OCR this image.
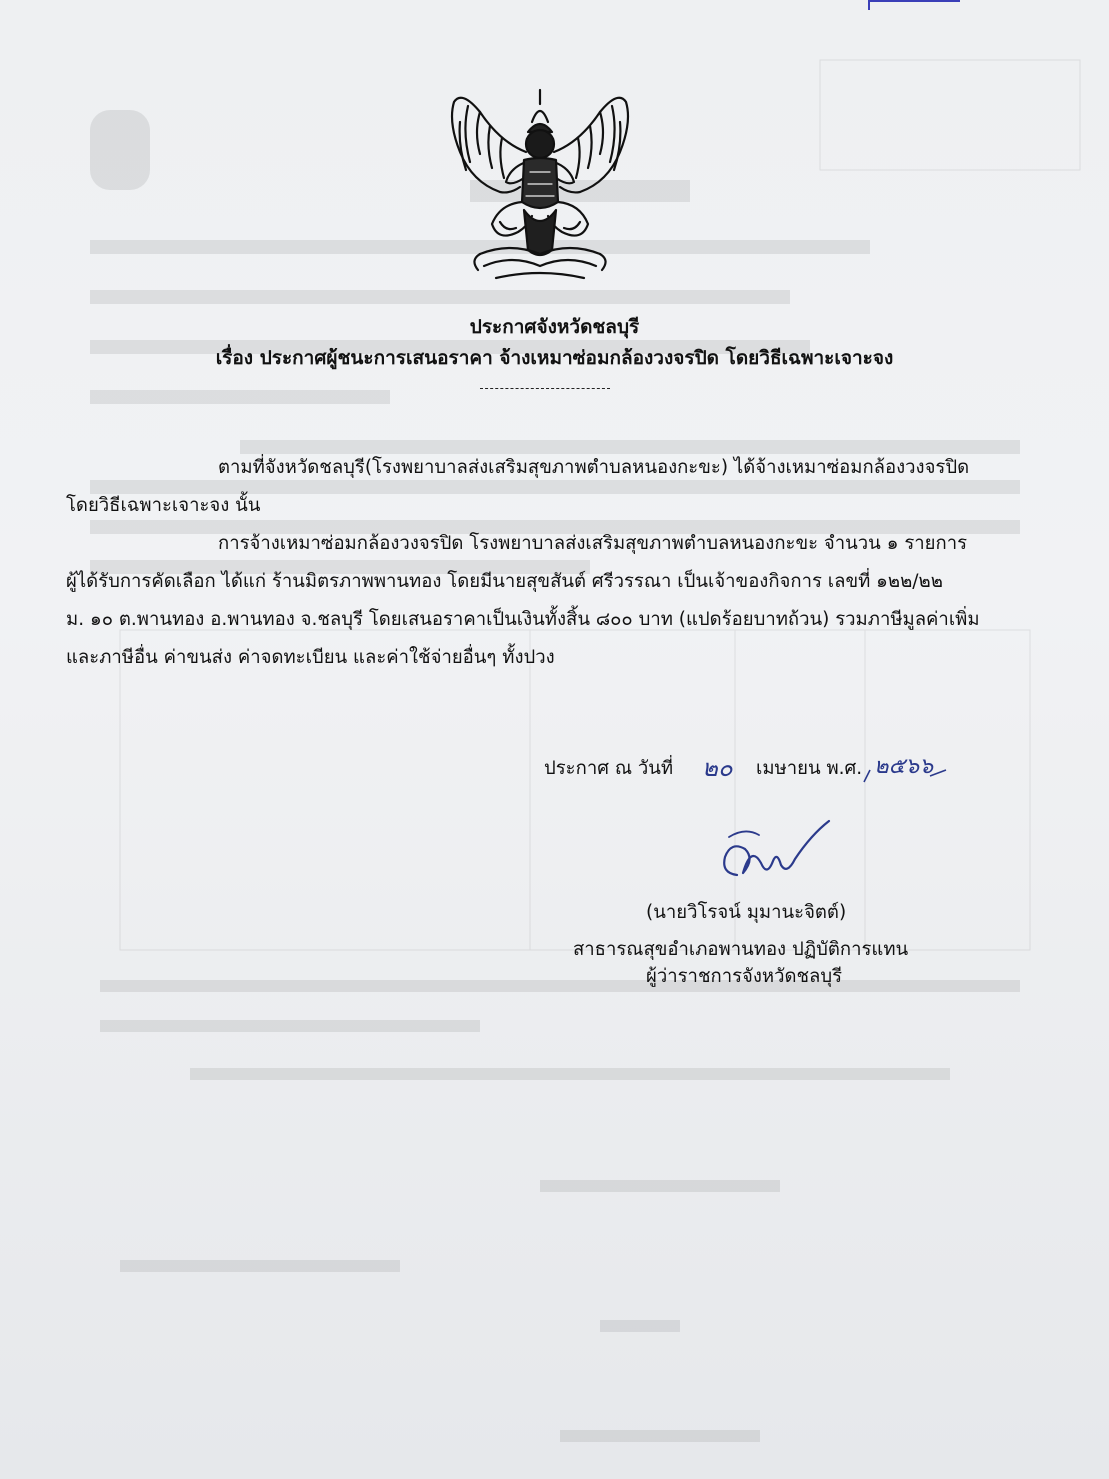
ประกาศจังหวัดชลบุรี
เรื่อง ประกาศผู้ชนะการเสนอราคา จ้างเหมาซ่อมกล้องวงจรปิด โดยวิธีเฉพาะเจาะจง
ตามที่จังหวัดชลบุรี(โรงพยาบาลส่งเสริมสุขภาพตำบลหนองกะขะ) ได้จ้างเหมาซ่อมกล้องวงจรปิด
โดยวิธีเฉพาะเจาะจง นั้น
การจ้างเหมาซ่อมกล้องวงจรปิด โรงพยาบาลส่งเสริมสุขภาพตำบลหนองกะขะ จำนวน ๑ รายการ
ผู้ได้รับการคัดเลือก ได้แก่ ร้านมิตรภาพพานทอง โดยมีนายสุขสันต์ ศรีวรรณา เป็นเจ้าของกิจการ เลขที่ ๑๒๒/๒๒
ม. ๑๐ ต.พานทอง อ.พานทอง จ.ชลบุรี โดยเสนอราคาเป็นเงินทั้งสิ้น ๘๐๐ บาท (แปดร้อยบาทถ้วน) รวมภาษีมูลค่าเพิ่ม
และภาษีอื่น ค่าขนส่ง ค่าจดทะเบียน และค่าใช้จ่ายอื่นๆ ทั้งปวง
ประกาศ ณ วันที่ ๒๐ เมษายน พ.ศ. ๒๕๖๖
(นายวิโรจน์ มุมานะจิตต์)
สาธารณสุขอำเภอพานทอง ปฏิบัติการแทน
ผู้ว่าราชการจังหวัดชลบุรี
